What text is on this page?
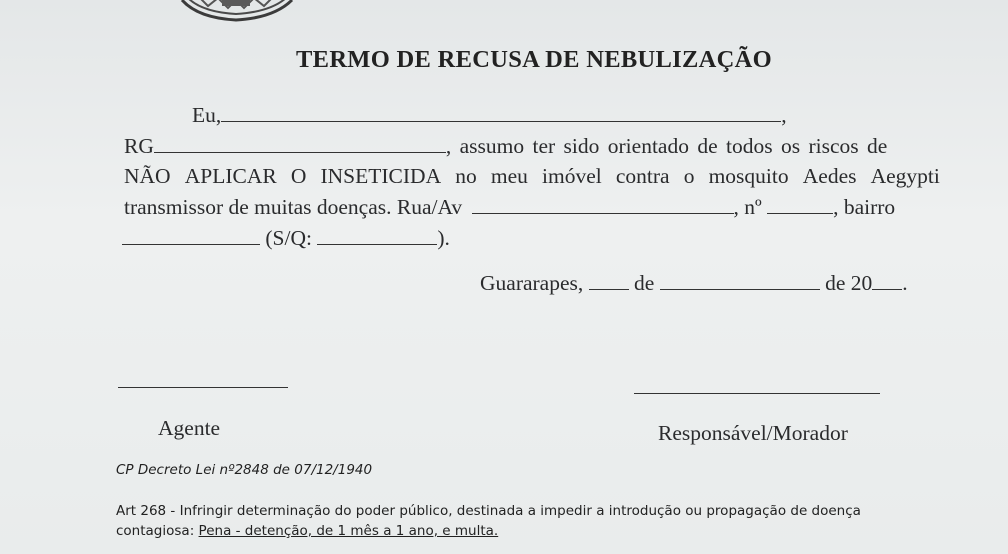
TERMO DE RECUSA DE NEBULIZAÇÃO
Eu,	,
RG	, assumo ter sido orientado de todos os riscos de
NÃO APLICAR O INSETICIDA no meu imóvel contra o mosquito Aedes Aegypti
transmissor de muitas doenças. Rua/Av	, nº	, bairro
(S/Q:	).
Guararapes, de	de 20 .
Agente	Responsável/Morador
CP Decreto Lei nº2848 de 07/12/1940
Art 268 - Infringir determinação do poder público, destinada a impedir a introdução ou propagação de doença
contagiosa: Pena - detenção, de 1 mês a 1 ano, e multa.
